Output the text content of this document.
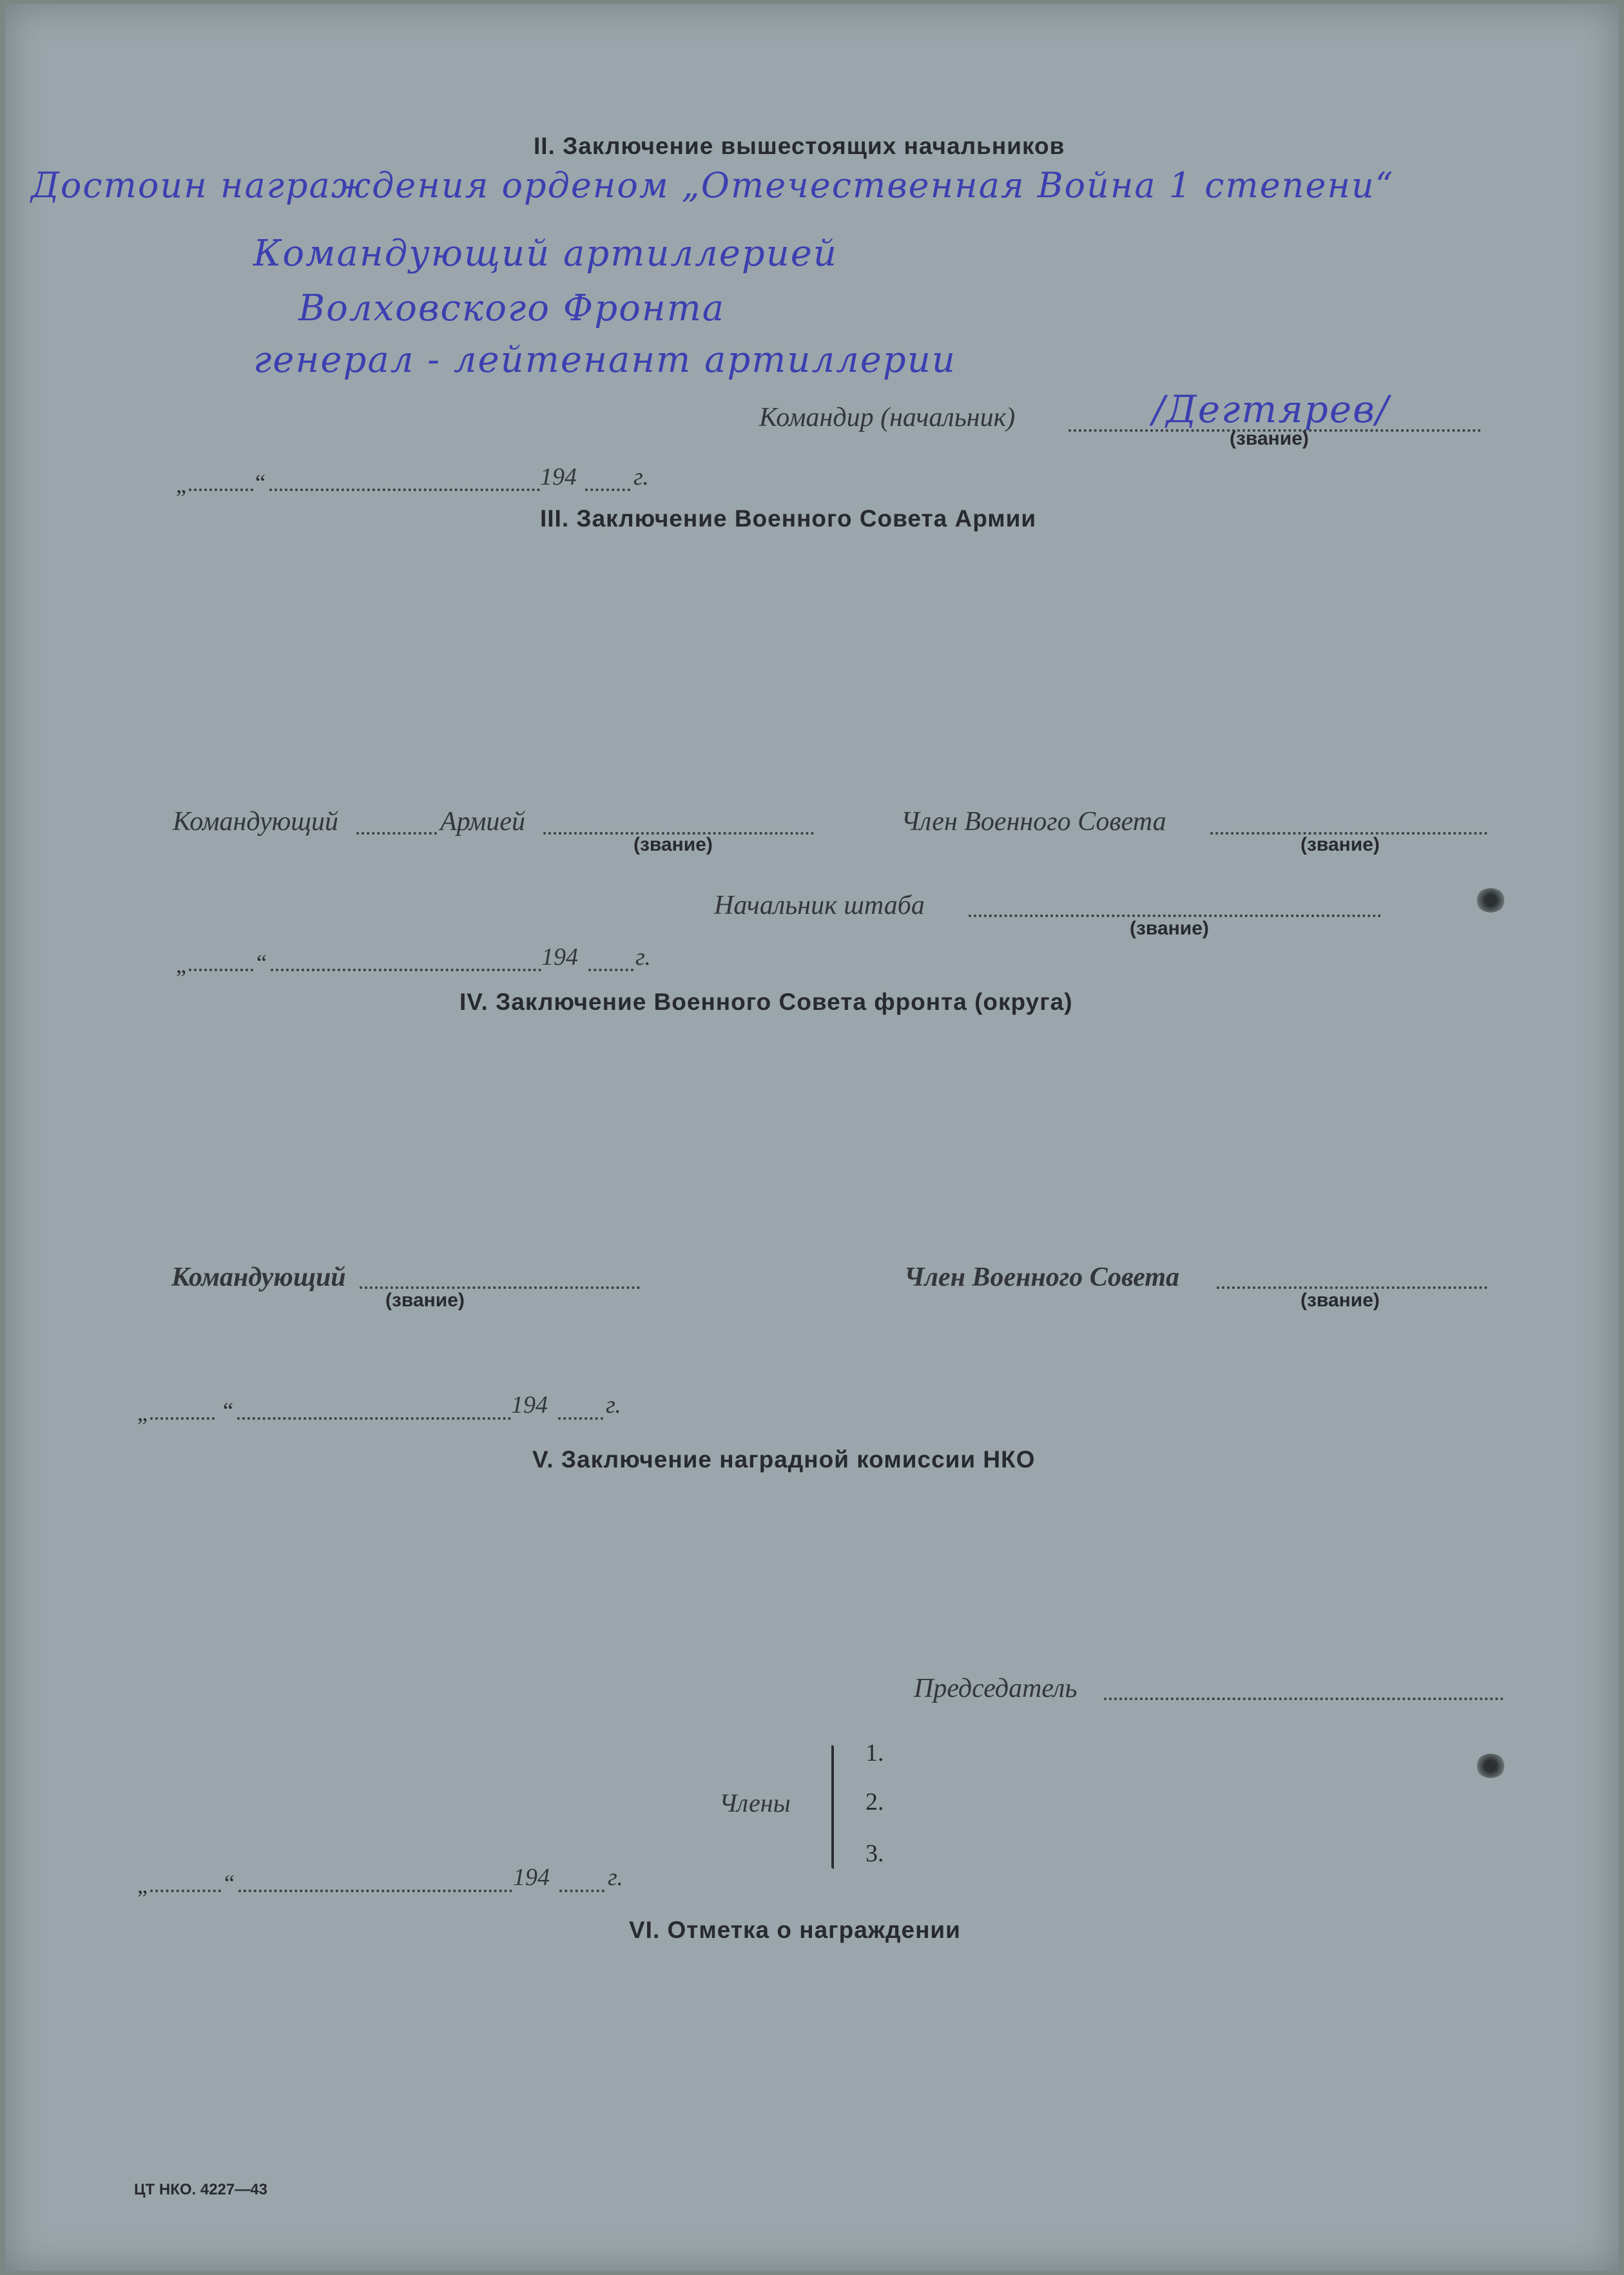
II. Заключение вышестоящих начальников
Достоин награждения орденом „Отечественная Война 1 степени“
Командующий артиллерией
Волховского Фронта
генерал - лейтенант артиллерии
Командир (начальник)	/Дегтярев/
(звание)
„	“	194 г.
III. Заключение Военного Совета Армии
Командующий	Армией
(звание)
Член Военного Совета
(звание)
Начальник штаба
(звание)
„	“	194 г.
IV. Заключение Военного Совета фронта (округа)
Командующий
(звание)
Член Военного Совета
(звание)
„	“	194 г.
V. Заключение наградной комиссии НКО
Председатель
Члены
1.
2.
3.
„	“	194 г.
VI. Отметка о награждении
ЦТ НКО. 4227—43
